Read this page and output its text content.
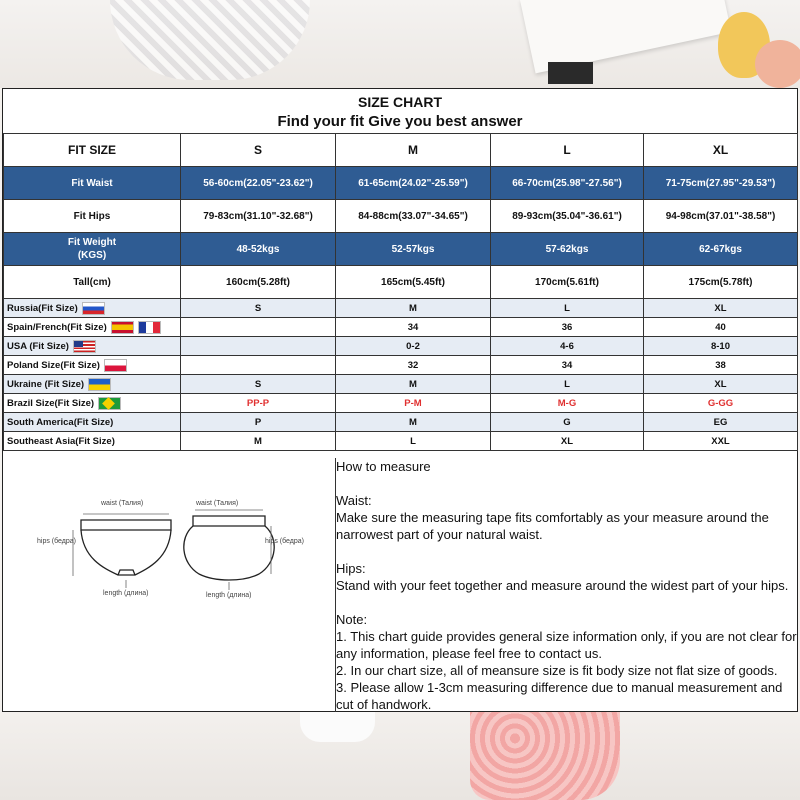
SIZE CHART
Find your fit Give you best answer
FIT SIZE	S	M	L	XL
Fit Waist	56-60cm(22.05"-23.62")	61-65cm(24.02"-25.59")	66-70cm(25.98"-27.56")	71-75cm(27.95"-29.53")
Fit Hips	79-83cm(31.10"-32.68")	84-88cm(33.07"-34.65")	89-93cm(35.04"-36.61")	94-98cm(37.01"-38.58")
Fit Weight
(KGS)	48-52kgs	52-57kgs	57-62kgs	62-67kgs
Tall(cm)	160cm(5.28ft)	165cm(5.45ft)	170cm(5.61ft)	175cm(5.78ft)
Russia(Fit Size)	S	M	L	XL
Spain/French(Fit Size)		34	36	40
USA (Fit Size)		0-2	4-6	8-10
Poland Size(Fit Size)		32	34	38
Ukraine (Fit Size)	S	M	L	XL
Brazil Size(Fit Size)	PP-P	P-M	M-G	G-GG
South America(Fit Size)	P	M	G	EG
Southeast Asia(Fit Size)	M	L	XL	XXL
waist (Талия)	waist (Талия)
hips (бедра)	hips (бедра)
length (длина)	length (длина)

How to measure

Waist:

Make sure the measuring tape fits comfortably as your measure around the narrowest part of your natural waist.

Hips:

Stand with your feet together and measure around the widest part of your hips.

Note:

1. This chart guide provides general size information only, if you are not clear for any information, please feel free to contact us.

2. In our chart size, all of meansure size is fit body size not flat size of goods.

3. Please allow 1-3cm measuring difference due to manual measurement and cut of handwork.
